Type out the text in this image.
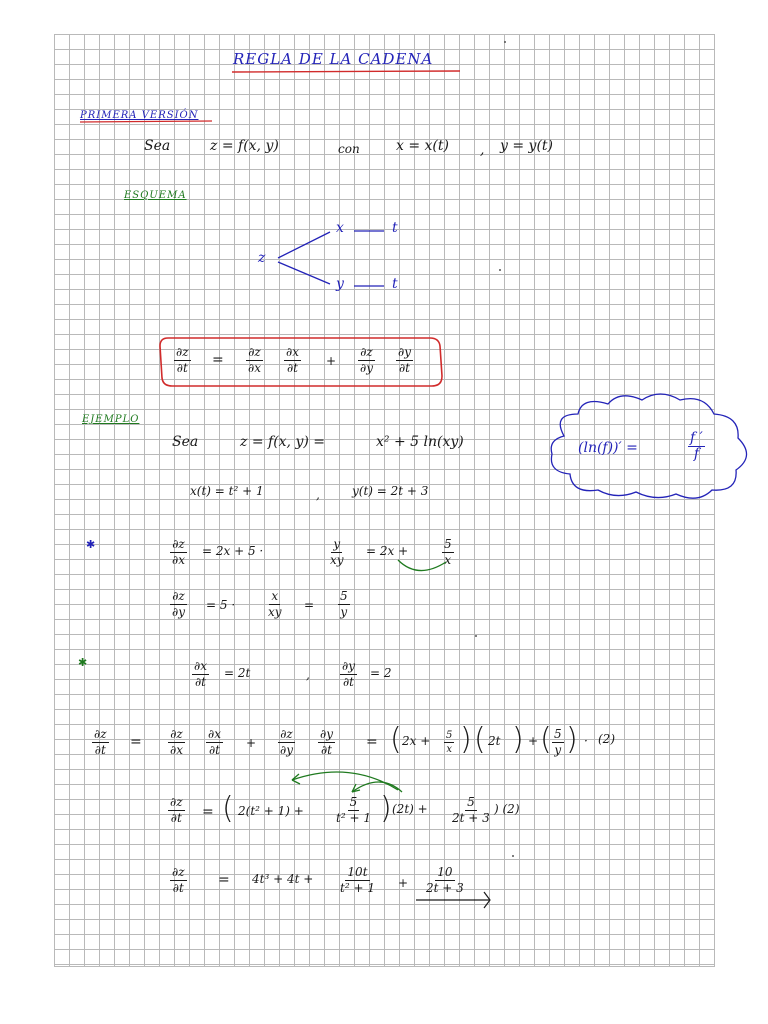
REGLA DE LA CADENA
PRIMERA VERSIÓN
Sea	z = f(x, y)	con	x = x(t) , y = y(t)
ESQUEMA
z
x
y
t
t
$\frac{\partial z}{\partial t} = \frac{\partial z}{\partial x} \frac{\partial x}{\partial t} + \frac{\partial z}{\partial y} \frac{\partial y}{\partial t}$
EJEMPLO
Sea	z = f(x, y) =	x² + 5 ln(xy)	(ln(f))′ =	$\frac{f '}{f}$
x(t) = t² + 1	,	y(t) = 2t + 3
✱	$\frac{\partial z}{\partial x} = 2x + 5$ ·	$\frac{y}{xy} = 2x$ +	$\frac{5}{x}$
$\frac{\partial z}{\partial y} = 5$ ·	$\frac{x}{xy} = \frac{5}{y}$
✱	$\frac{\partial x}{\partial t} = 2t$	,	$\frac{\partial y}{\partial t} = 2$
$\frac{\partial z}{\partial t} = \frac{\partial z}{\partial x} \frac{\partial x}{\partial t} + \frac{\partial z}{\partial y} \frac{\partial y}{\partial t}$ = ( $2x + \frac{5}{x}$ ) ( 2t ) + ( $\frac{5}{y}$ ) · (2)
$\frac{\partial z}{\partial t}$ = ( 2(t² + 1) +	$\frac{5}{\text{t² + 1}}$ ) $(2t) + \frac{5}{2t + 3}$ ) (2)
$\frac{\partial z}{\partial t} = 4t^3 + 4t + \frac{10t}{\text{t² + 1}} + \frac{10}{2t + 3}$
